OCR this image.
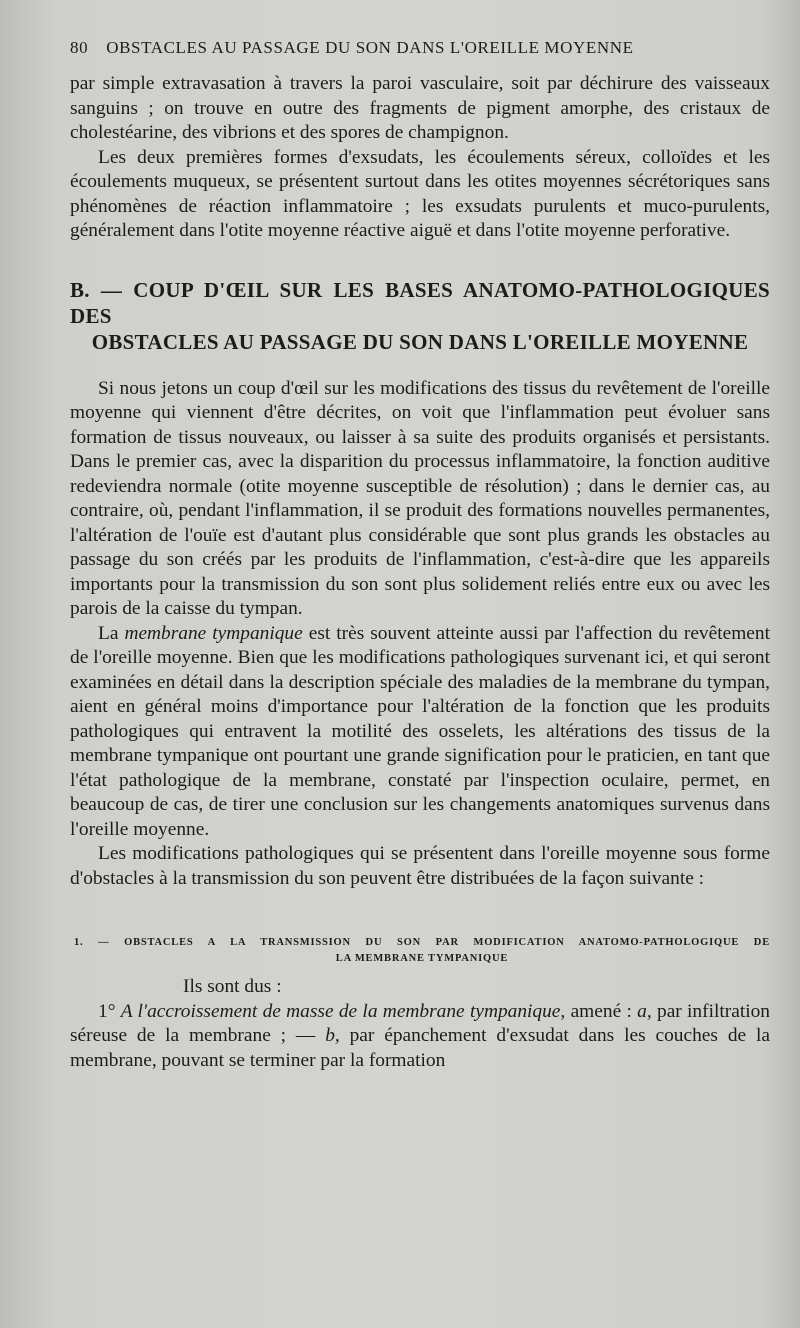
80 OBSTACLES AU PASSAGE DU SON DANS L'OREILLE MOYENNE

par simple extravasation à travers la paroi vasculaire, soit par déchirure des vaisseaux sanguins ; on trouve en outre des fragments de pigment amorphe, des cristaux de cholestéarine, des vibrions et des spores de champignon.

Les deux premières formes d'exsudats, les écoulements séreux, colloïdes et les écoulements muqueux, se présentent surtout dans les otites moyennes sécrétoriques sans phénomènes de réaction inflammatoire ; les exsudats purulents et muco-purulents, généralement dans l'otite moyenne réactive aiguë et dans l'otite moyenne perforative.

B. — COUP D'ŒIL SUR LES BASES ANATOMO-PATHOLOGIQUES DES
OBSTACLES AU PASSAGE DU SON DANS L'OREILLE MOYENNE

Si nous jetons un coup d'œil sur les modifications des tissus du revêtement de l'oreille moyenne qui viennent d'être décrites, on voit que l'inflammation peut évoluer sans formation de tissus nouveaux, ou laisser à sa suite des produits organisés et persistants. Dans le premier cas, avec la disparition du processus inflammatoire, la fonction auditive redeviendra normale (otite moyenne susceptible de résolution) ; dans le dernier cas, au contraire, où, pendant l'inflammation, il se produit des formations nouvelles permanentes, l'altération de l'ouïe est d'autant plus considérable que sont plus grands les obstacles au passage du son créés par les produits de l'inflammation, c'est-à-dire que les appareils importants pour la transmission du son sont plus solidement reliés entre eux ou avec les parois de la caisse du tympan.

La membrane tympanique est très souvent atteinte aussi par l'affection du revêtement de l'oreille moyenne. Bien que les modifications pathologiques survenant ici, et qui seront examinées en détail dans la description spéciale des maladies de la membrane du tympan, aient en général moins d'importance pour l'altération de la fonction que les produits pathologiques qui entravent la motilité des osselets, les altérations des tissus de la membrane tympanique ont pourtant une grande signification pour le praticien, en tant que l'état pathologique de la membrane, constaté par l'inspection oculaire, permet, en beaucoup de cas, de tirer une conclusion sur les changements anatomiques survenus dans l'oreille moyenne.

Les modifications pathologiques qui se présentent dans l'oreille moyenne sous forme d'obstacles à la transmission du son peuvent être distribuées de la façon suivante :

1. — OBSTACLES A LA TRANSMISSION DU SON PAR MODIFICATION ANATOMO-PATHOLOGIQUE DE
LA MEMBRANE TYMPANIQUE

Ils sont dus :

1° A l'accroissement de masse de la membrane tympanique, amené : a, par infiltration séreuse de la membrane ; — b, par épanchement d'exsudat dans les couches de la membrane, pouvant se terminer par la formation
